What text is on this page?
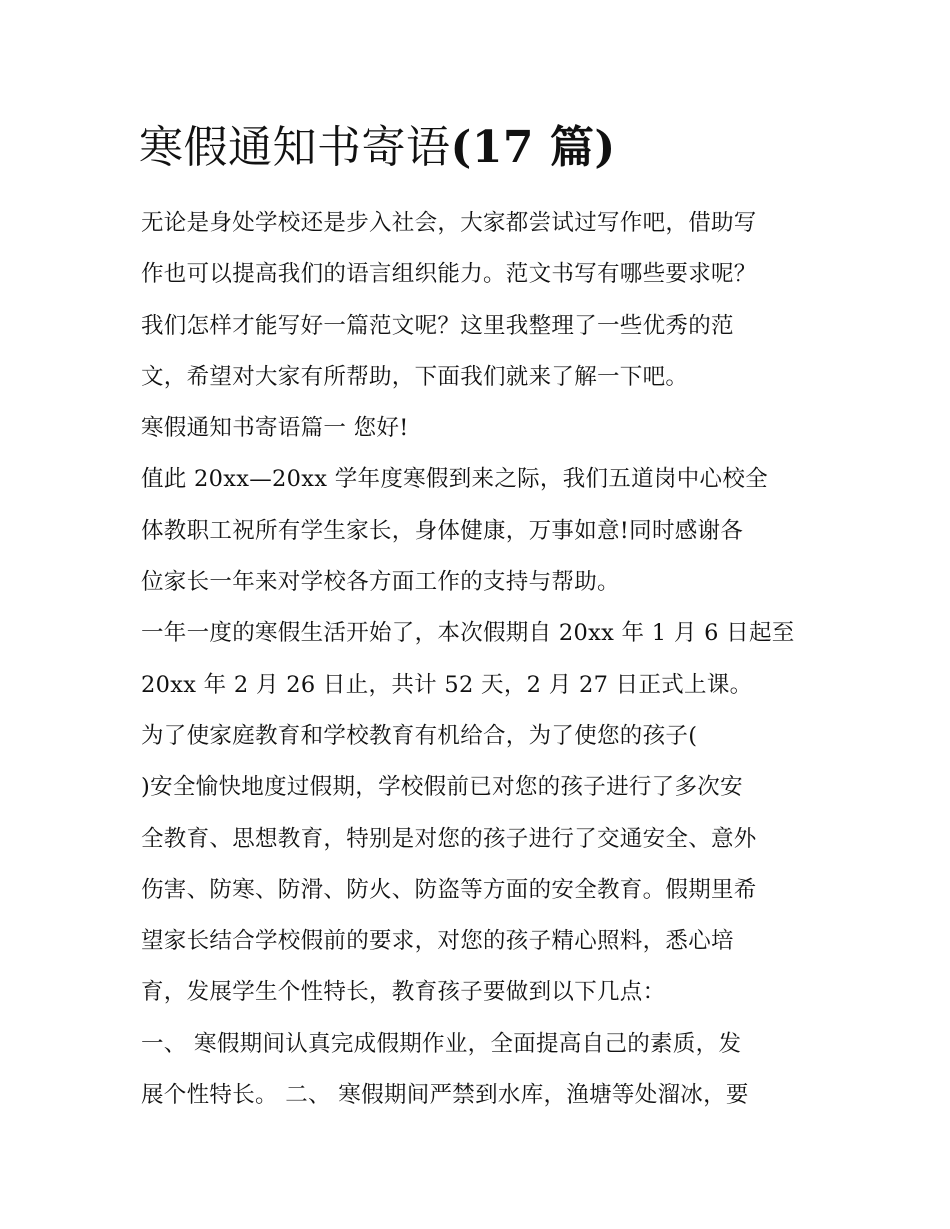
寒假通知书寄语(17 篇)
无论是身处学校还是步入社会，大家都尝试过写作吧，借助写
作也可以提高我们的语言组织能力。范文书写有哪些要求呢？
我们怎样才能写好一篇范文呢？这里我整理了一些优秀的范
文，希望对大家有所帮助，下面我们就来了解一下吧。
寒假通知书寄语篇一 您好!
值此 20xx—20xx 学年度寒假到来之际，我们五道岗中心校全
体教职工祝所有学生家长，身体健康，万事如意!同时感谢各
位家长一年来对学校各方面工作的支持与帮助。
一年一度的寒假生活开始了，本次假期自 20xx 年 1 月 6 日起至
20xx 年 2 月 26 日止，共计 52 天，2 月 27 日正式上课。
为了使家庭教育和学校教育有机给合，为了使您的孩子(
)安全愉快地度过假期，学校假前已对您的孩子进行了多次安
全教育、思想教育，特别是对您的孩子进行了交通安全、意外
伤害、防寒、防滑、防火、防盗等方面的安全教育。假期里希
望家长结合学校假前的要求，对您的孩子精心照料，悉心培
育，发展学生个性特长，教育孩子要做到以下几点：
一、 寒假期间认真完成假期作业，全面提高自己的素质，发
展个性特长。 二、 寒假期间严禁到水库，渔塘等处溜冰，要
